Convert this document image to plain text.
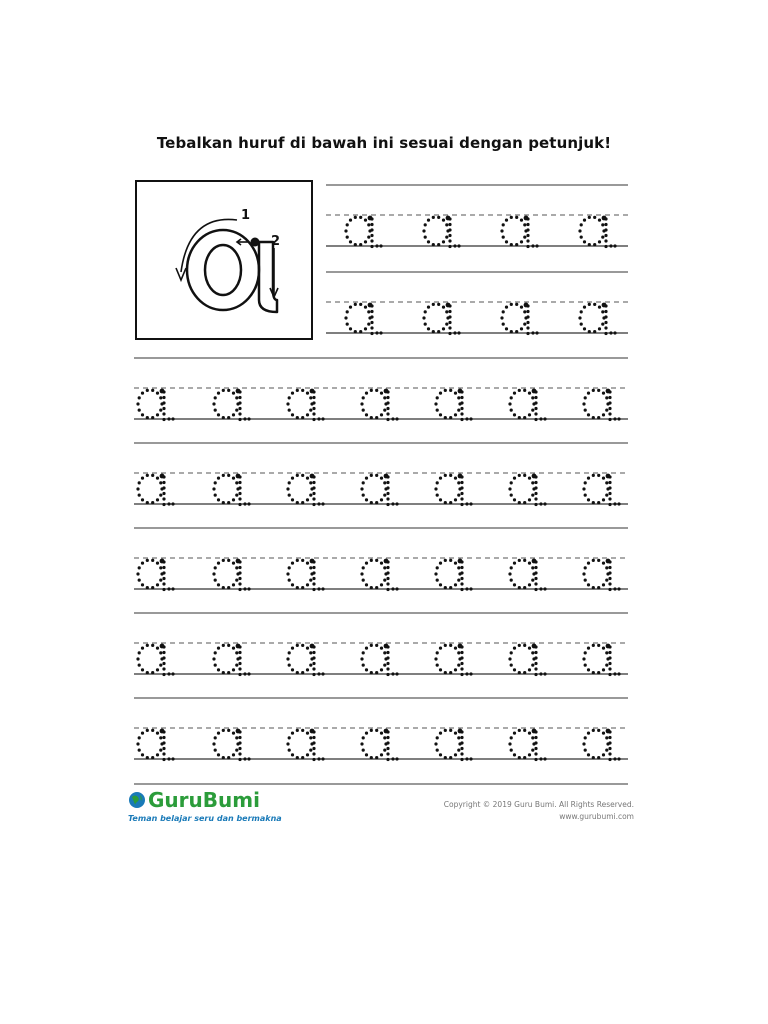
Tebalkan huruf di bawah ini sesuai dengan petunjuk!
1
2
GuruBumi
Teman belajar seru dan bermakna
Copyright © 2019 Guru Bumi. All Rights Reserved.
www.gurubumi.com
